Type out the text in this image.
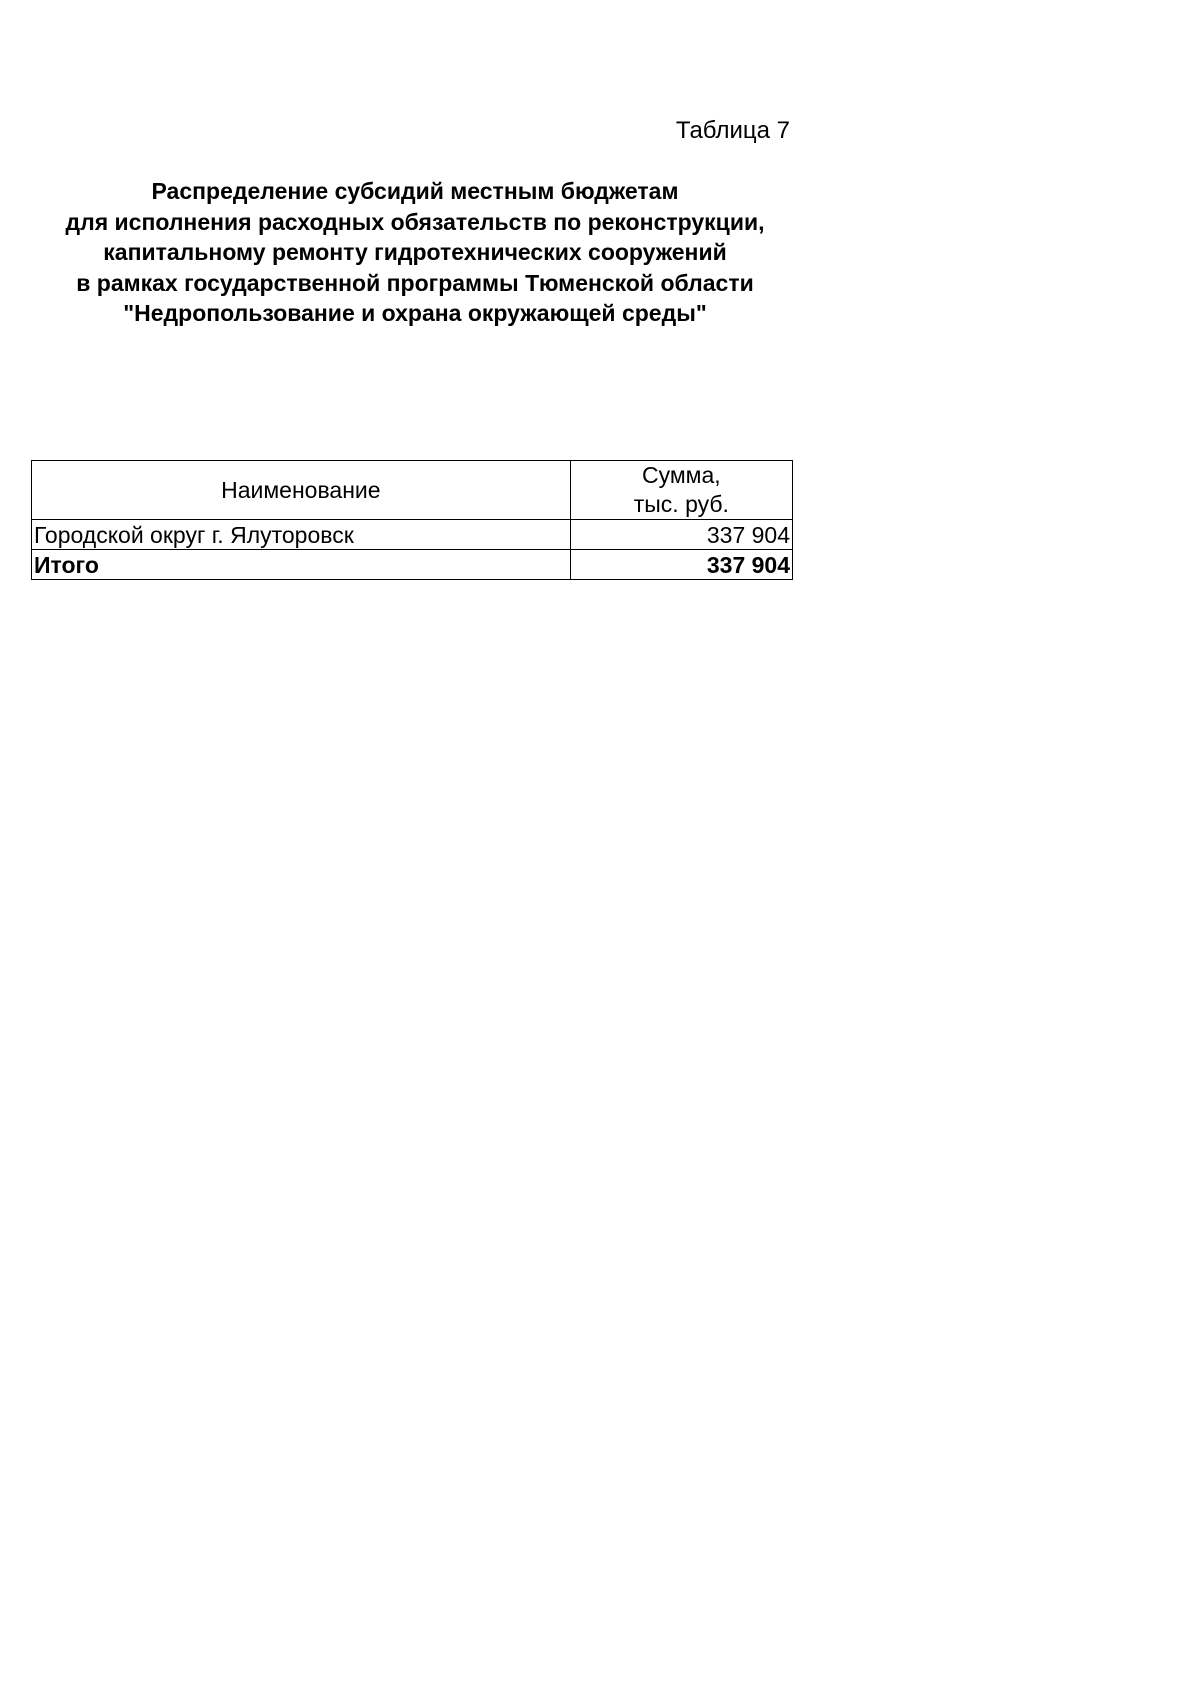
Таблица 7
Распределение субсидий местным бюджетам
для исполнения расходных обязательств по реконструкции,
капитальному ремонту гидротехнических сооружений
в рамках государственной программы Тюменской области
"Недропользование и охрана окружающей среды"
Наименование	Сумма,
тыс. руб.

Городской округ г. Ялуторовск	337 904
Итого	337 904
